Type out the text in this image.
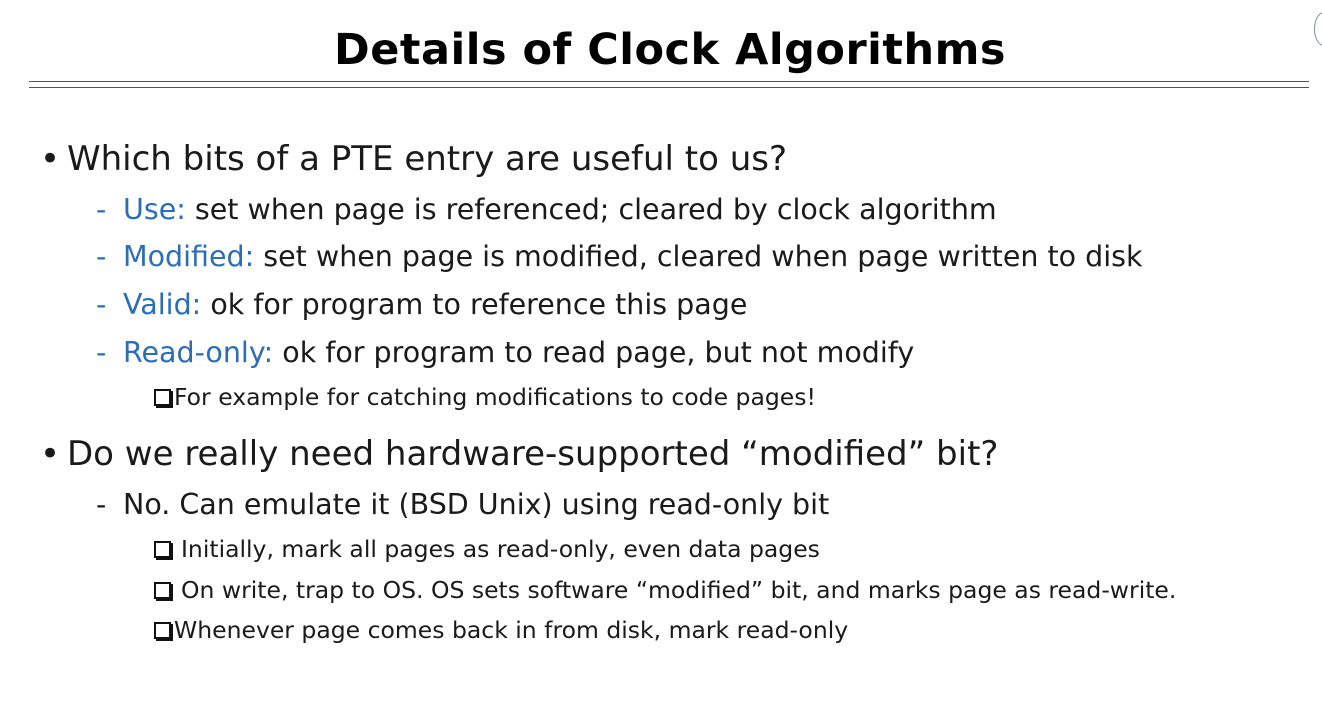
Details of Clock Algorithms
• Which bits of a PTE entry are useful to us?
- Use: set when page is referenced; cleared by clock algorithm
- Modified: set when page is modified, cleared when page written to disk
- Valid: ok for program to reference this page
- Read-only: ok for program to read page, but not modify
For example for catching modifications to code pages!
• Do we really need hardware-supported “modified” bit?
- No. Can emulate it (BSD Unix) using read-only bit
Initially, mark all pages as read-only, even data pages
On write, trap to OS. OS sets software “modified” bit, and marks page as read-write.
Whenever page comes back in from disk, mark read-only
